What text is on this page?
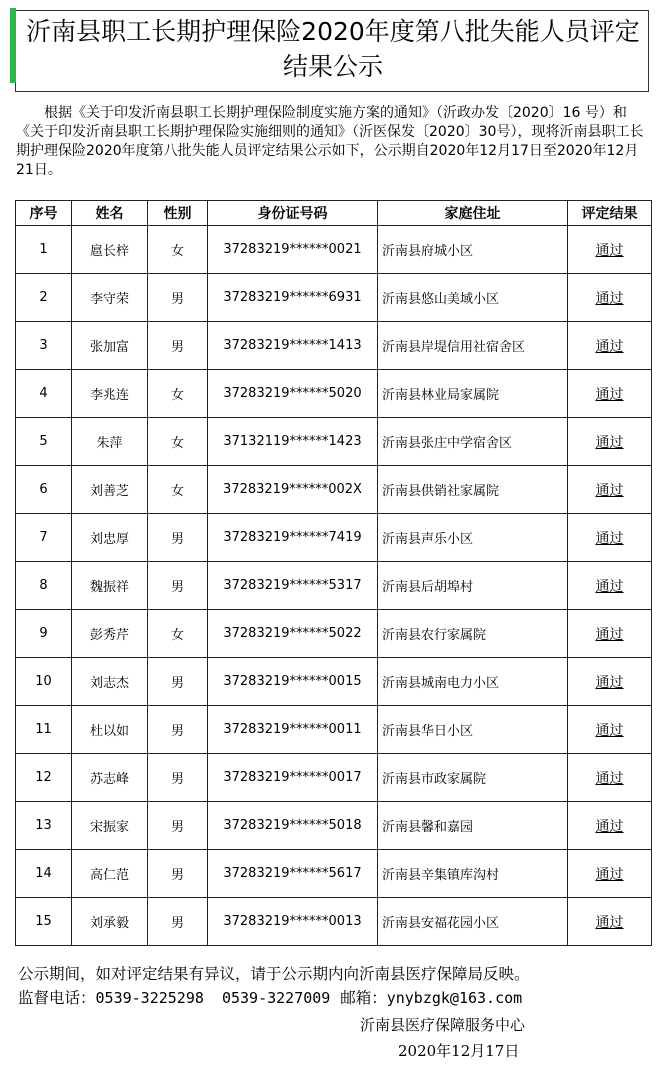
沂南县职工长期护理保险2020年度第八批失能人员评定结果公示

根据《关于印发沂南县职工长期护理保险制度实施方案的通知》（沂政办发〔2020〕16 号）和《关于印发沂南县职工长期护理保险实施细则的通知》（沂医保发〔2020〕30号），现将沂南县职工长期护理保险2020年度第八批失能人员评定结果公示如下，公示期自2020年12月17日至2020年12月21日。

序号	姓名	性别	身份证号码	家庭住址	评定结果
1	扈长梓	女	37283219******0021	沂南县府城小区	通过
2	李守荣	男	37283219******6931	沂南县悠山美域小区	通过
3	张加富	男	37283219******1413	沂南县岸堤信用社宿舍区	通过
4	李兆连	女	37283219******5020	沂南县林业局家属院	通过
5	朱萍	女	37132119******1423	沂南县张庄中学宿舍区	通过
6	刘善芝	女	37283219******002X	沂南县供销社家属院	通过
7	刘忠厚	男	37283219******7419	沂南县声乐小区	通过
8	魏振祥	男	37283219******5317	沂南县后胡埠村	通过
9	彭秀芹	女	37283219******5022	沂南县农行家属院	通过
10	刘志杰	男	37283219******0015	沂南县城南电力小区	通过
11	杜以如	男	37283219******0011	沂南县华日小区	通过
12	苏志峰	男	37283219******0017	沂南县市政家属院	通过
13	宋振家	男	37283219******5018	沂南县馨和嘉园	通过
14	高仁范	男	37283219******5617	沂南县辛集镇库沟村	通过
15	刘承毅	男	37283219******0013	沂南县安福花园小区	通过
公示期间，如对评定结果有异议，请于公示期内向沂南县医疗保障局反映。
监督电话：0539-3225298  0539-3227009 邮箱：ynybzgk@163.com
沂南县医疗保障服务中心
2020年12月17日
